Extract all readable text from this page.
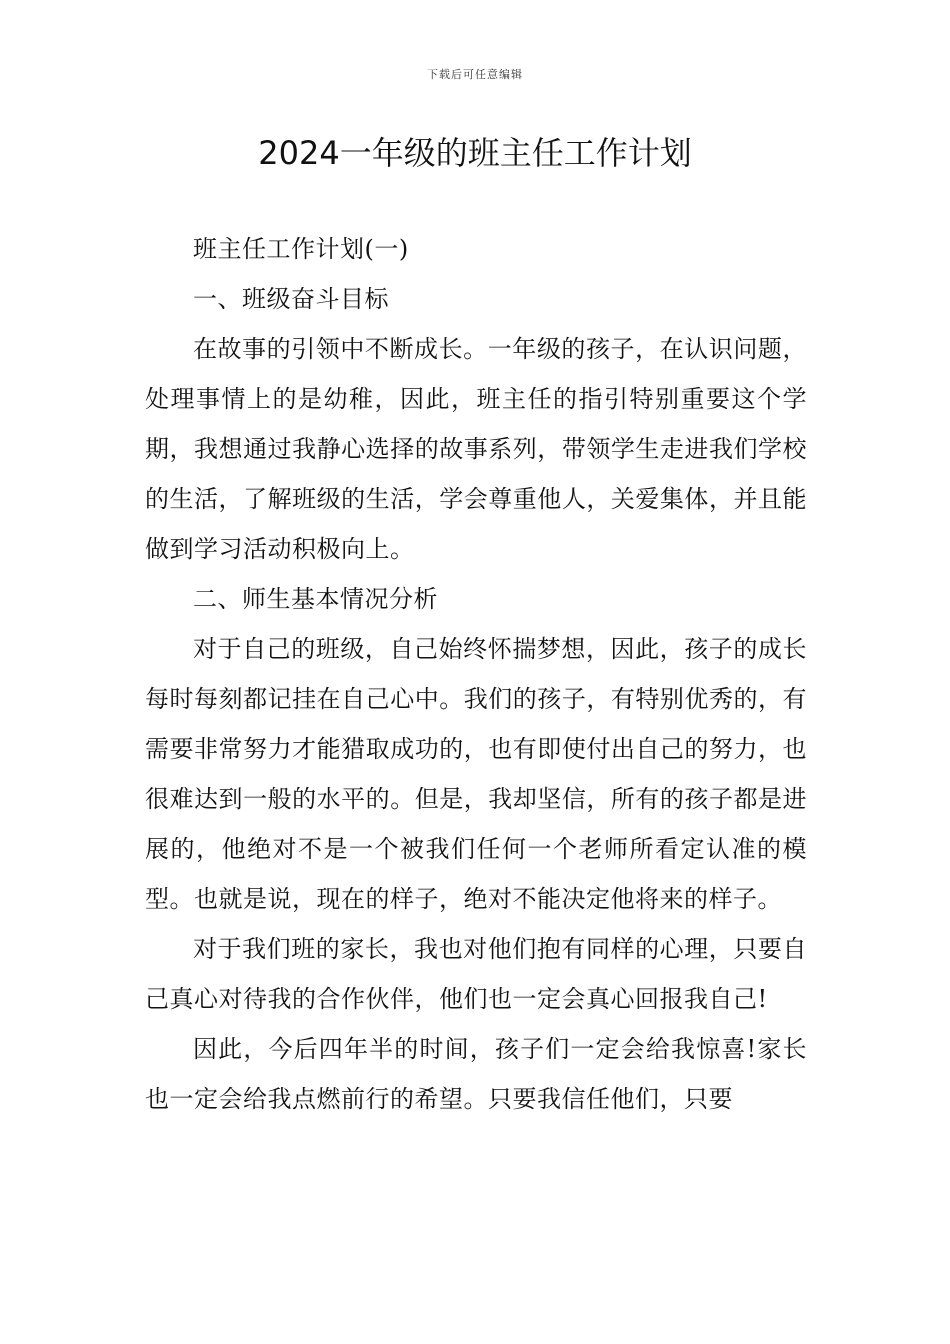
下载后可任意编辑
2024一年级的班主任工作计划

班主任工作计划(一)

一、班级奋斗目标

在故事的引领中不断成长。一年级的孩子，在认识问题，处理事情上的是幼稚，因此，班主任的指引特别重要这个学期，我想通过我静心选择的故事系列，带领学生走进我们学校的生活，了解班级的生活，学会尊重他人，关爱集体，并且能做到学习活动积极向上。

二、师生基本情况分析

对于自己的班级，自己始终怀揣梦想，因此，孩子的成长每时每刻都记挂在自己心中。我们的孩子，有特别优秀的，有需要非常努力才能猎取成功的，也有即使付出自己的努力，也很难达到一般的水平的。但是，我却坚信，所有的孩子都是进展的，他绝对不是一个被我们任何一个老师所看定认准的模型。也就是说，现在的样子，绝对不能决定他将来的样子。

对于我们班的家长，我也对他们抱有同样的心理，只要自己真心对待我的合作伙伴，他们也一定会真心回报我自己!

因此，今后四年半的时间，孩子们一定会给我惊喜!家长也一定会给我点燃前行的希望。只要我信任他们，只要
